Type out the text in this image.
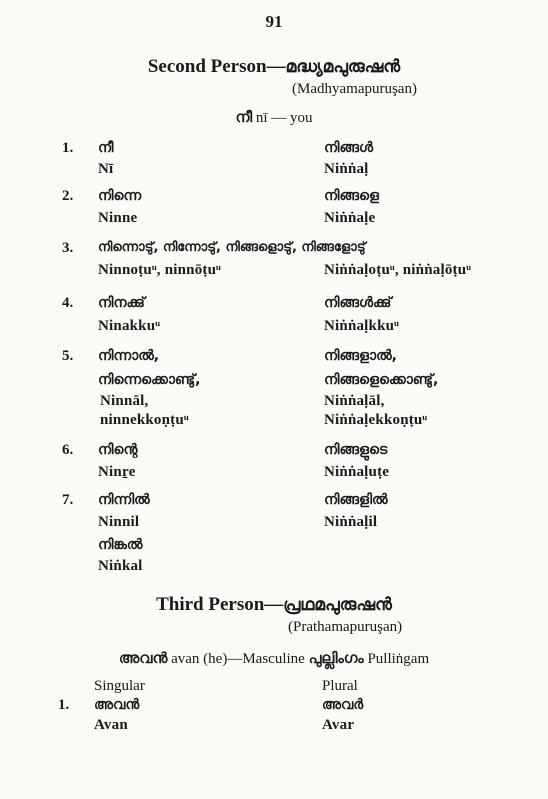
91
Second Person—മദ്ധ്യമപുരുഷൻ
(Madhyamapuruşan)
നീ nī — you
1. നീ	നിങ്ങൾ
Nī	Niṅṅaḷ
2. നിന്നെ	നിങ്ങളെ
Ninne	Niṅṅaḷe
3. നിന്നൊടു്, നിന്നോടു്, നിങ്ങളൊടു്, നിങ്ങളോടു്
Ninnoṭuͧ, ninnōṭuͧ	Niṅṅaḷoṭuͧ, niṅṅaḷōṭuͧ
4. നിനക്കു്	നിങ്ങൾക്കു്
Ninakkuͧ	Niṅṅaḷkkuͧ
5. നിന്നാൽ,	നിങ്ങളാൽ,
നിന്നെക്കൊണ്ടു്,	നിങ്ങളെക്കൊണ്ടു്,
Ninnāl,	Niṅṅaḷāl,
ninnekkoṇṭuͧ	Niṅṅaḷekkoṇṭuͧ
6. നിന്റെ	നിങ്ങളുടെ
Ninṟe	Niṅṅaḷuṭe
7. നിന്നിൽ	നിങ്ങളിൽ
Ninnil	Niṅṅaḷil
നിങ്കൽ
Niṅkal
Third Person—പ്രഥമപുരുഷൻ
(Prathamapuruşan)
അവൻ avan (he)—Masculine പുല്ലിംഗം Pulliṅgam
Singular	Plural
1. അവൻ	അവർ
Avan	Avar
